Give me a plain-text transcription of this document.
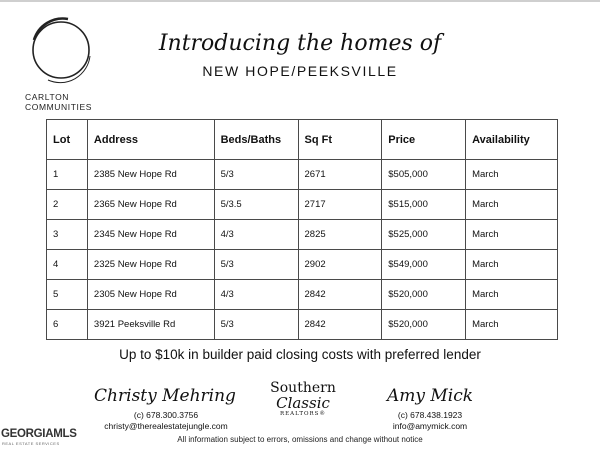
CARLTON
COMMUNITIES
Introducing the homes of
NEW HOPE/PEEKSVILLE
Lot	Address	Beds/Baths	Sq Ft	Price	Availability
1	2385 New Hope Rd	5/3	2671	$505,000	March
2	2365 New Hope Rd	5/3.5	2717	$515,000	March
3	2345 New Hope Rd	4/3	2825	$525,000	March
4	2325 New Hope Rd	5/3	2902	$549,000	March
5	2305 New Hope Rd	4/3	2842	$520,000	March
6	3921 Peeksville Rd	5/3	2842	$520,000	March
Up to $10k in builder paid closing costs with preferred lender
Christy Mehring
(c) 678.300.3756
christy@therealestatejungle.com
Southern
Classic
REALTORS®
Amy Mick
(c) 678.438.1923
info@amymick.com
All information subject to errors, omissions and change without notice
GEORGIAMLS
REAL ESTATE SERVICES
